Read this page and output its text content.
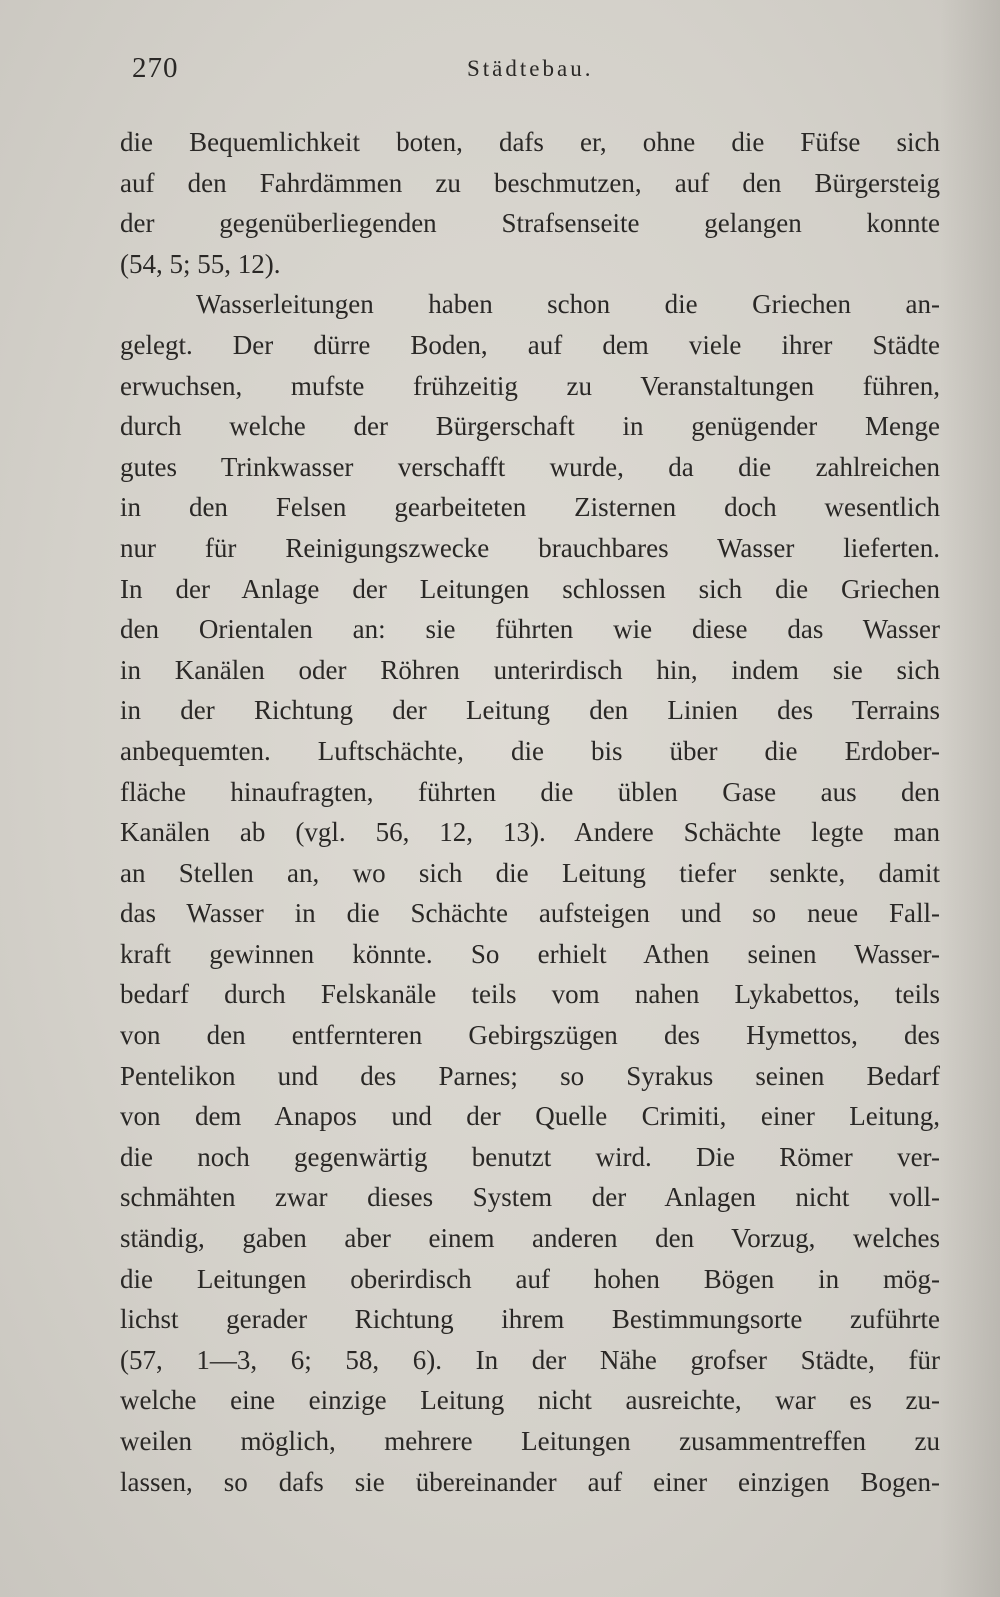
270	Städtebau.
die Bequemlichkeit boten, dafs er, ohne die Füfse sich
auf den Fahrdämmen zu beschmutzen, auf den Bürgersteig
der gegenüberliegenden Strafsenseite gelangen konnte
(54, 5; 55, 12).
Wasserleitungen haben schon die Griechen an-
gelegt. Der dürre Boden, auf dem viele ihrer Städte
erwuchsen, mufste frühzeitig zu Veranstaltungen führen,
durch welche der Bürgerschaft in genügender Menge
gutes Trinkwasser verschafft wurde, da die zahlreichen
in den Felsen gearbeiteten Zisternen doch wesentlich
nur für Reinigungszwecke brauchbares Wasser lieferten.
In der Anlage der Leitungen schlossen sich die Griechen
den Orientalen an: sie führten wie diese das Wasser
in Kanälen oder Röhren unterirdisch hin, indem sie sich
in der Richtung der Leitung den Linien des Terrains
anbequemten. Luftschächte, die bis über die Erdober-
fläche hinaufragten, führten die üblen Gase aus den
Kanälen ab (vgl. 56, 12, 13). Andere Schächte legte man
an Stellen an, wo sich die Leitung tiefer senkte, damit
das Wasser in die Schächte aufsteigen und so neue Fall-
kraft gewinnen könnte. So erhielt Athen seinen Wasser-
bedarf durch Felskanäle teils vom nahen Lykabettos, teils
von den entfernteren Gebirgszügen des Hymettos, des
Pentelikon und des Parnes; so Syrakus seinen Bedarf
von dem Anapos und der Quelle Crimiti, einer Leitung,
die noch gegenwärtig benutzt wird. Die Römer ver-
schmähten zwar dieses System der Anlagen nicht voll-
ständig, gaben aber einem anderen den Vorzug, welches
die Leitungen oberirdisch auf hohen Bögen in mög-
lichst gerader Richtung ihrem Bestimmungsorte zuführte
(57, 1—3, 6; 58, 6). In der Nähe grofser Städte, für
welche eine einzige Leitung nicht ausreichte, war es zu-
weilen möglich, mehrere Leitungen zusammentreffen zu
lassen, so dafs sie übereinander auf einer einzigen Bogen-
